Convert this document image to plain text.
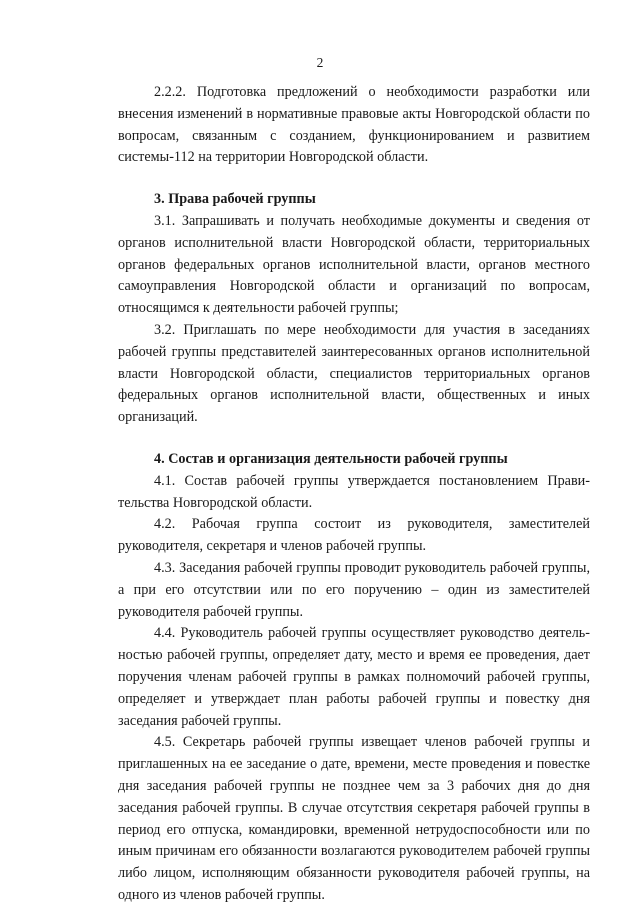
2

2.2.2. Подготовка предложений о необходимости разработки или внесения изменений в нормативные правовые акты Новгородской области по вопросам, связанным с созданием, функционированием и развитием системы-112 на территории Новгородской области.

3. Права рабочей группы

3.1. Запрашивать и получать необходимые документы и сведения от органов исполнительной власти Новгородской области, территориальных органов федеральных органов исполнительной власти, органов местного самоуправления Новгородской области и организаций по вопросам, относящимся к деятельности рабочей группы;

3.2. Приглашать по мере необходимости для участия в заседаниях рабочей группы представителей заинтересованных органов исполнительной власти Новгородской области, специалистов территориальных органов федеральных органов исполнительной власти, общественных и иных организаций.

4. Состав и организация деятельности рабочей группы

4.1. Состав рабочей группы утверждается постановлением Правительства Новгородской области.

4.2. Рабочая группа состоит из руководителя, заместителей руководителя, секретаря и членов рабочей группы.

4.3. Заседания рабочей группы проводит руководитель рабочей группы, а при его отсутствии или по его поручению – один из заместителей руководителя рабочей группы.

4.4. Руководитель рабочей группы осуществляет руководство деятельностью рабочей группы, определяет дату, место и время ее проведения, дает поручения членам рабочей группы в рамках полномочий рабочей группы, определяет и утверждает план работы рабочей группы и повестку дня заседания рабочей группы.

4.5. Секретарь рабочей группы извещает членов рабочей группы и приглашенных на ее заседание о дате, времени, месте проведения и повестке дня заседания рабочей группы не позднее чем за 3 рабочих дня до дня заседания рабочей группы. В случае отсутствия секретаря рабочей группы в период его отпуска, командировки, временной нетрудоспособности или по иным причинам его обязанности возлагаются руководителем рабочей группы либо лицом, исполняющим обязанности руководителя рабочей группы, на одного из членов рабочей группы.
